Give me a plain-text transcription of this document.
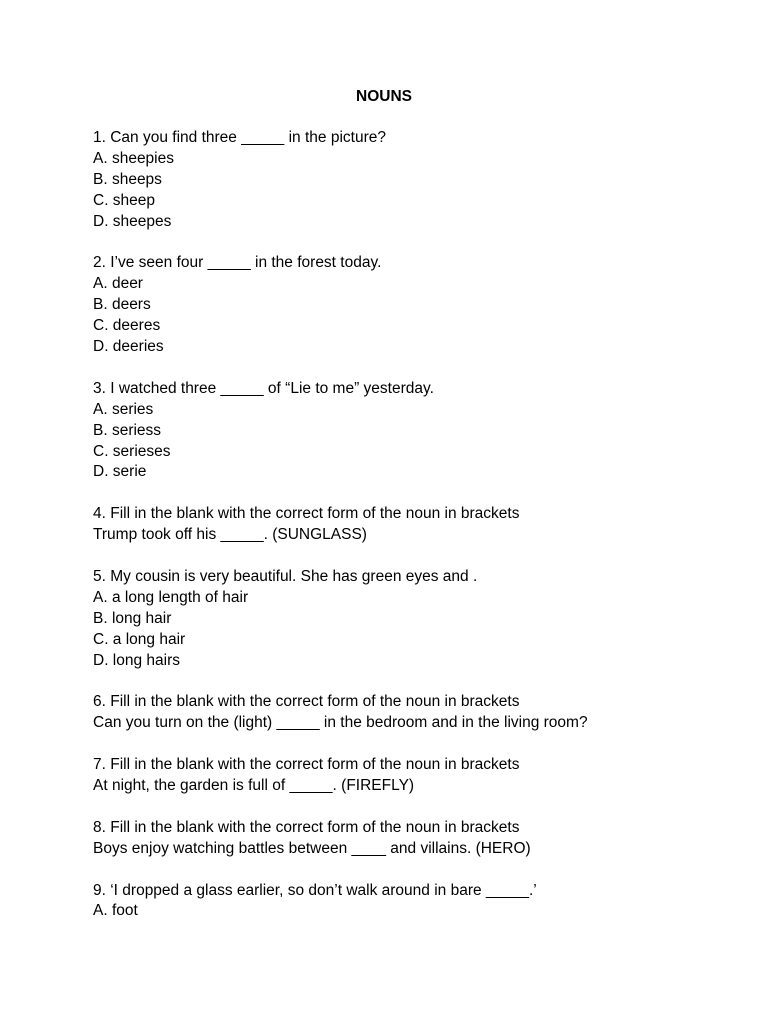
NOUNS
1. Can you find three _____ in the picture?
A. sheepies
B. sheeps
C. sheep
D. sheepes
2. I’ve seen four _____ in the forest today.
A. deer
B. deers
C. deeres
D. deeries
3. I watched three _____ of “Lie to me” yesterday.
A. series
B. seriess
C. serieses
D. serie
4. Fill in the blank with the correct form of the noun in brackets
Trump took off his _____. (SUNGLASS)
5. My cousin is very beautiful. She has green eyes and .
A. a long length of hair
B. long hair
C. a long hair
D. long hairs
6. Fill in the blank with the correct form of the noun in brackets
Can you turn on the (light) _____ in the bedroom and in the living room?
7. Fill in the blank with the correct form of the noun in brackets
At night, the garden is full of _____. (FIREFLY)
8. Fill in the blank with the correct form of the noun in brackets
Boys enjoy watching battles between ____ and villains. (HERO)
9. ‘I dropped a glass earlier, so don’t walk around in bare _____.’
A. foot
